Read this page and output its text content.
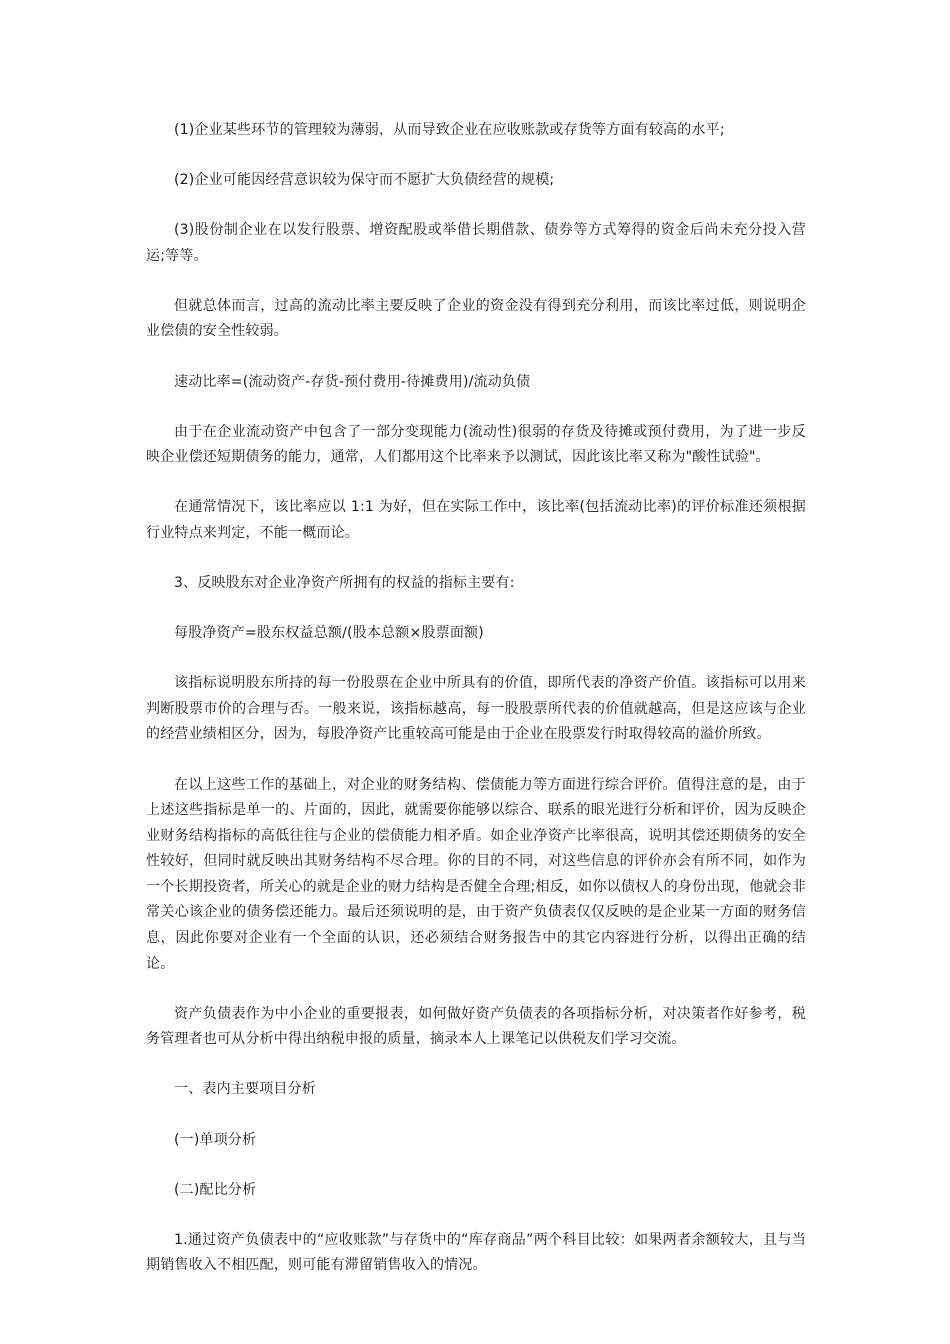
(1)企业某些环节的管理较为薄弱，从而导致企业在应收账款或存货等方面有较高的水平;

(2)企业可能因经营意识较为保守而不愿扩大负债经营的规模;

(3)股份制企业在以发行股票、增资配股或举借长期借款、债券等方式筹得的资金后尚未充分投入营运;等等。

但就总体而言，过高的流动比率主要反映了企业的资金没有得到充分利用，而该比率过低，则说明企业偿债的安全性较弱。

速动比率=(流动资产-存货-预付费用-待摊费用)/流动负债

由于在企业流动资产中包含了一部分变现能力(流动性)很弱的存货及待摊或预付费用，为了进一步反映企业偿还短期债务的能力，通常，人们都用这个比率来予以测试，因此该比率又称为"酸性试验"。

在通常情况下，该比率应以 1:1 为好，但在实际工作中，该比率(包括流动比率)的评价标准还须根据行业特点来判定，不能一概而论。

3、反映股东对企业净资产所拥有的权益的指标主要有:

每股净资产=股东权益总额/(股本总额×股票面额)

该指标说明股东所持的每一份股票在企业中所具有的价值，即所代表的净资产价值。该指标可以用来判断股票市价的合理与否。一般来说，该指标越高，每一股股票所代表的价值就越高，但是这应该与企业的经营业绩相区分，因为，每股净资产比重较高可能是由于企业在股票发行时取得较高的溢价所致。

在以上这些工作的基础上，对企业的财务结构、偿债能力等方面进行综合评价。值得注意的是，由于上述这些指标是单一的、片面的，因此，就需要你能够以综合、联系的眼光进行分析和评价，因为反映企业财务结构指标的高低往往与企业的偿债能力相矛盾。如企业净资产比率很高，说明其偿还期债务的安全性较好，但同时就反映出其财务结构不尽合理。你的目的不同，对这些信息的评价亦会有所不同，如作为一个长期投资者，所关心的就是企业的财力结构是否健全合理;相反，如你以债权人的身份出现，他就会非常关心该企业的债务偿还能力。最后还须说明的是，由于资产负债表仅仅反映的是企业某一方面的财务信息，因此你要对企业有一个全面的认识，还必须结合财务报告中的其它内容进行分析，以得出正确的结论。

资产负债表作为中小企业的重要报表，如何做好资产负债表的各项指标分析，对决策者作好参考，税务管理者也可从分析中得出纳税申报的质量，摘录本人上课笔记以供税友们学习交流。

一、表内主要项目分析

(一)单项分析

(二)配比分析

1.通过资产负债表中的“应收账款”与存货中的“库存商品”两个科目比较：如果两者余额较大，且与当期销售收入不相匹配，则可能有滞留销售收入的情况。
